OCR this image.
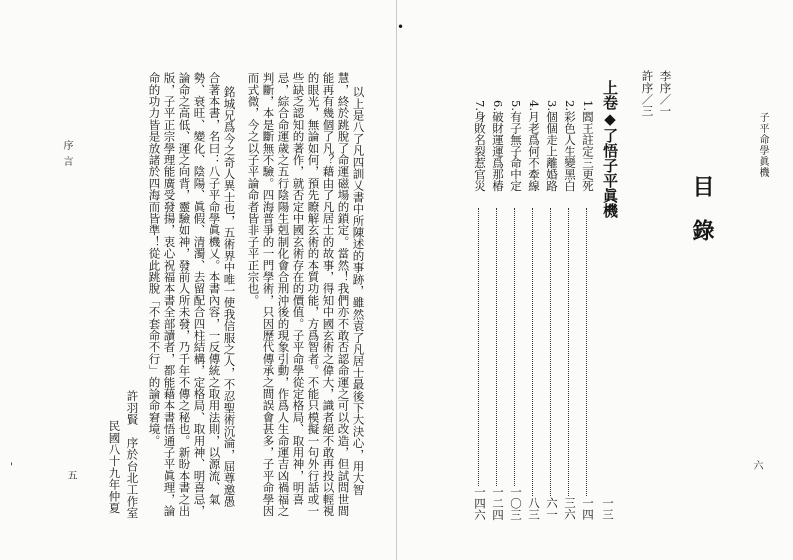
序言
五	以上是八了凡四訓乂書中所陳述的事跡，雖然袁了凡居士最後下大決心，用大智
慧，終於跳脫了命運磁場的鎖定。當然！我們亦不敢否認命運之可以改造，但試問世間
能再有幾個了凡？藉由了凡居士的故事，得知中國玄術之偉大，識者絕不敢再投以輕視
的眼光，無論如何，預先瞭解玄術的本質功能，方爲智者。不能只模擬一句外行話或一
些缺乏認知的著作，就否定中國玄術存在的價值。子平命學從定格局、取用神，明喜
忌，綜合命運歲之五行陰陽生剋制化會合刑沖後的現象引動，作爲人生命運吉凶禍福之
判斷，本是斷無不驗。四海普爭的一門學術，只因歷代傳承之間誤會甚多，子平命學因
而式微，今之以子平論命者皆非子平正宗也。
銘城兄爲今之奇人異士也，五術界中唯一使我信服之人，不忍聖術沉淪，屈尊邀愚
合著本書，名曰：八子平命學眞機乂。本書內容，一反傳統之取用法則，以源流、氣
勢、衰旺、變化、陰陽、眞假、清濁、去留配合四柱結構，定格局、取用神、明喜忌，
論命之高低、運之向背，靈驗如神，發前人所未發，乃千年不傳之秘也。新盼本書之出
版，子平正宗學理能廣受發揚，衷心祝福本書全部讀者，都能藉本書悟通子平眞理，論
命的功力皆是放諸於四海而皆準！從此跳脫「不套命不行」的論命窘境。
許羽賢　序於台北工作室
民國八十九年仲夏
'
子平命學眞機
目　錄
六
李序／一
許序／三
上卷◆了悟子平眞機
一三
1.閻王註定三更死
一四
2.彩色人生變黑白
三六
3.個個走上離婚路
六一
4.月老爲何不牽線
八三
5.有子無子命中定
一〇三
6.破財運運爲那椿
一二四
7.身敗名裂惹官災
一四六
•
